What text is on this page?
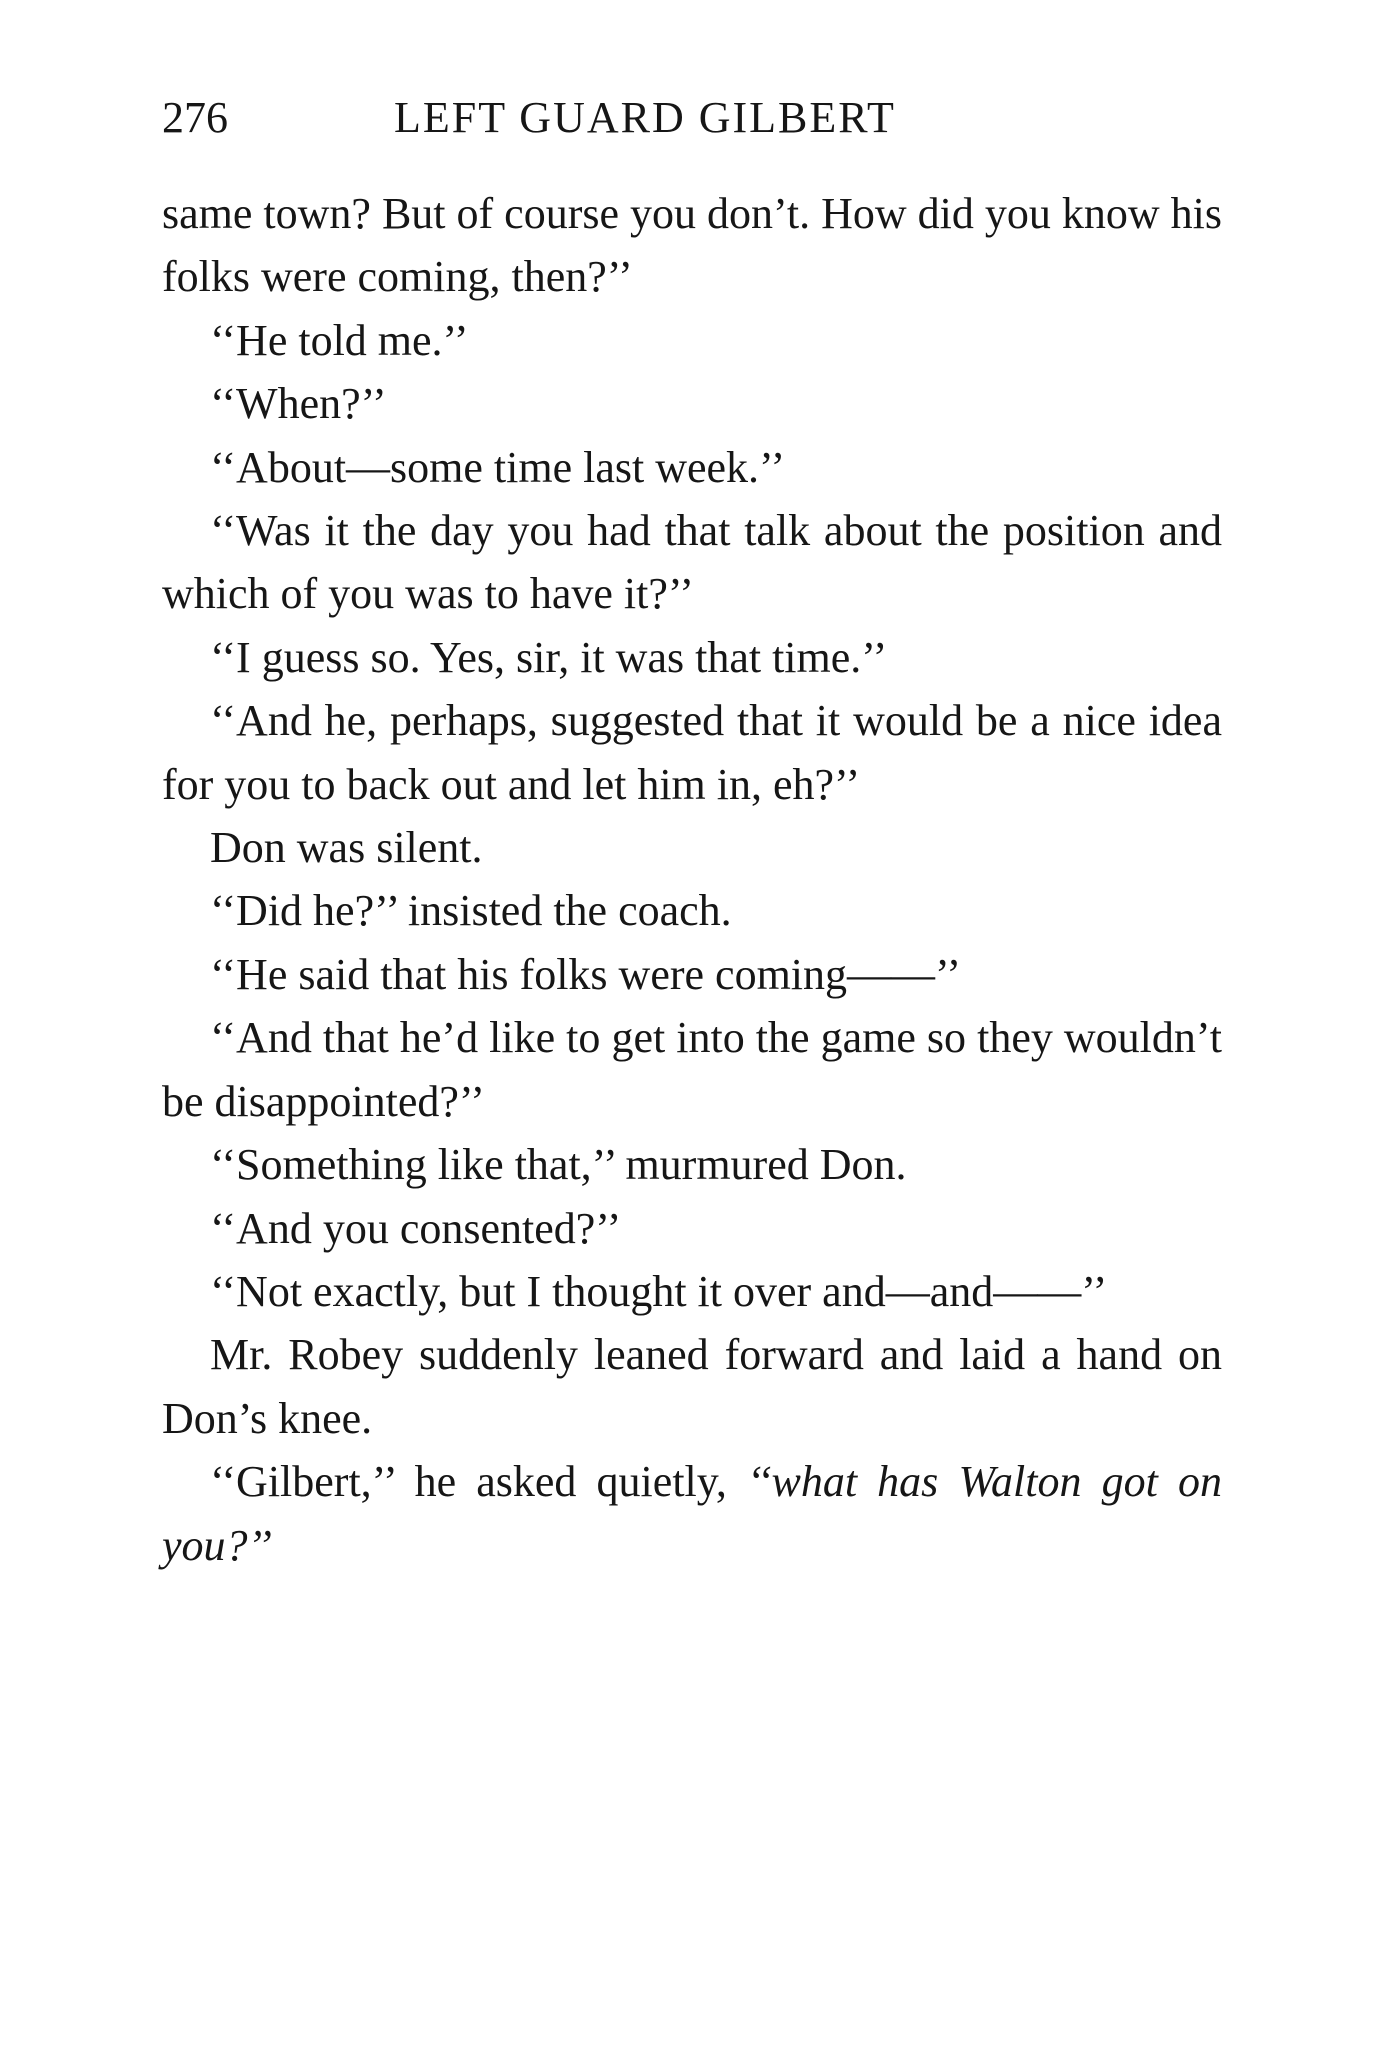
276	LEFT GUARD GILBERT

same town? But of course you don’t. How did you know his folks were coming, then?’’

‘‘He told me.’’

‘‘When?’’

‘‘About—some time last week.’’

‘‘Was it the day you had that talk about the position and which of you was to have it?’’

‘‘I guess so. Yes, sir, it was that time.’’

‘‘And he, perhaps, suggested that it would be a nice idea for you to back out and let him in, eh?’’

Don was silent.

‘‘Did he?’’ insisted the coach.

‘‘He said that his folks were coming——’’

‘‘And that he’d like to get into the game so they wouldn’t be disappointed?’’

‘‘Something like that,’’ murmured Don.

‘‘And you consented?’’

‘‘Not exactly, but I thought it over and—and——’’

Mr. Robey suddenly leaned forward and laid a hand on Don’s knee.

‘‘Gilbert,’’ he asked quietly, ‘‘what has Walton got on you?’’
